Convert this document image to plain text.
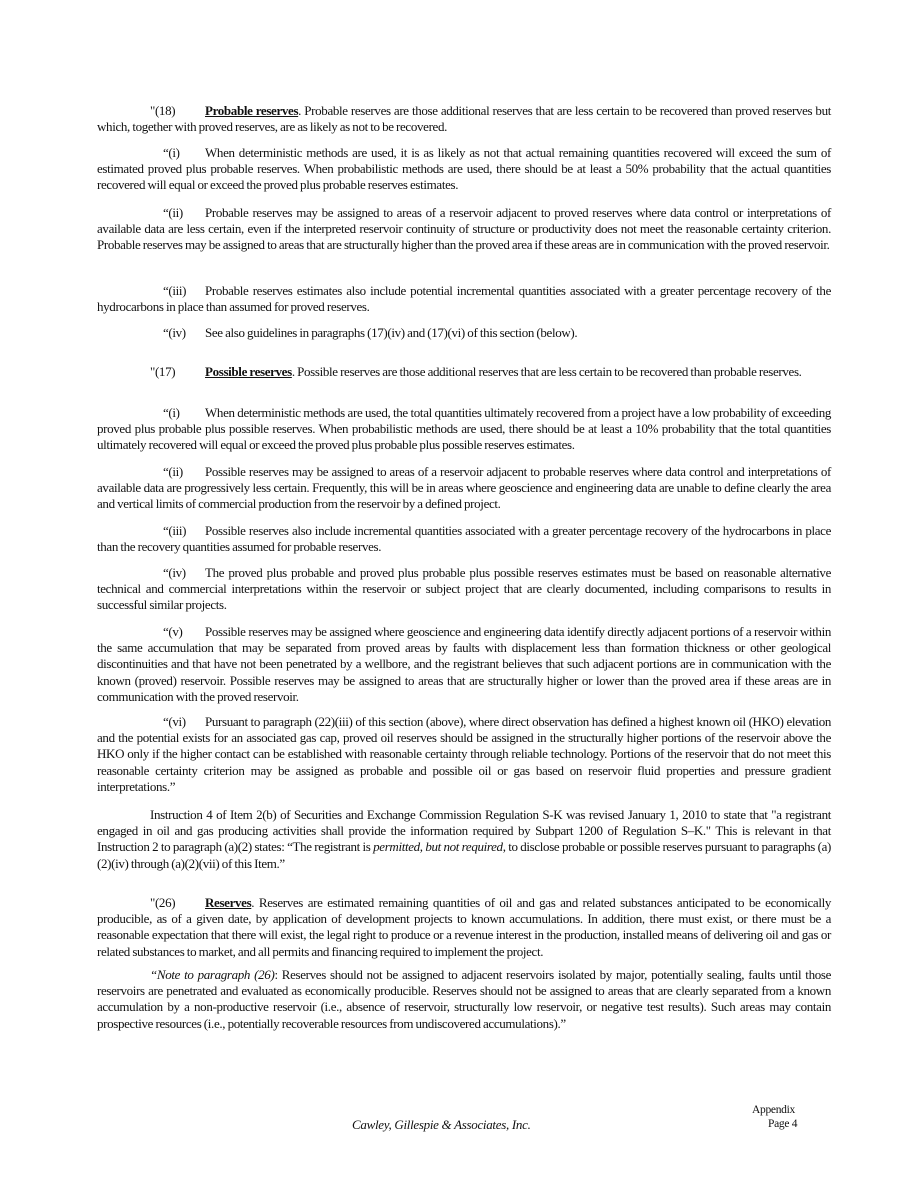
"(18) Probable reserves. Probable reserves are those additional reserves that are less certain to be recovered than proved reserves but which, together with proved reserves, are as likely as not to be recovered.
“(i) When deterministic methods are used, it is as likely as not that actual remaining quantities recovered will exceed the sum of estimated proved plus probable reserves. When probabilistic methods are used, there should be at least a 50% probability that the actual quantities recovered will equal or exceed the proved plus probable reserves estimates.
“(ii) Probable reserves may be assigned to areas of a reservoir adjacent to proved reserves where data control or interpretations of available data are less certain, even if the interpreted reservoir continuity of structure or productivity does not meet the reasonable certainty criterion. Probable reserves may be assigned to areas that are structurally higher than the proved area if these areas are in communication with the proved reservoir.
“(iii) Probable reserves estimates also include potential incremental quantities associated with a greater percentage recovery of the hydrocarbons in place than assumed for proved reserves.
“(iv) See also guidelines in paragraphs (17)(iv) and (17)(vi) of this section (below).
"(17) Possible reserves. Possible reserves are those additional reserves that are less certain to be recovered than probable reserves.
“(i) When deterministic methods are used, the total quantities ultimately recovered from a project have a low probability of exceeding proved plus probable plus possible reserves. When probabilistic methods are used, there should be at least a 10% probability that the total quantities ultimately recovered will equal or exceed the proved plus probable plus possible reserves estimates.
“(ii) Possible reserves may be assigned to areas of a reservoir adjacent to probable reserves where data control and interpretations of available data are progressively less certain. Frequently, this will be in areas where geoscience and engineering data are unable to define clearly the area and vertical limits of commercial production from the reservoir by a defined project.
“(iii) Possible reserves also include incremental quantities associated with a greater percentage recovery of the hydrocarbons in place than the recovery quantities assumed for probable reserves.
“(iv) The proved plus probable and proved plus probable plus possible reserves estimates must be based on reasonable alternative technical and commercial interpretations within the reservoir or subject project that are clearly documented, including comparisons to results in successful similar projects.
“(v) Possible reserves may be assigned where geoscience and engineering data identify directly adjacent portions of a reservoir within the same accumulation that may be separated from proved areas by faults with displacement less than formation thickness or other geological discontinuities and that have not been penetrated by a wellbore, and the registrant believes that such adjacent portions are in communication with the known (proved) reservoir. Possible reserves may be assigned to areas that are structurally higher or lower than the proved area if these areas are in communication with the proved reservoir.
“(vi) Pursuant to paragraph (22)(iii) of this section (above), where direct observation has defined a highest known oil (HKO) elevation and the potential exists for an associated gas cap, proved oil reserves should be assigned in the structurally higher portions of the reservoir above the HKO only if the higher contact can be established with reasonable certainty through reliable technology. Portions of the reservoir that do not meet this reasonable certainty criterion may be assigned as probable and possible oil or gas based on reservoir fluid properties and pressure gradient interpretations.”
Instruction 4 of Item 2(b) of Securities and Exchange Commission Regulation S-K was revised January 1, 2010 to state that "a registrant engaged in oil and gas producing activities shall provide the information required by Subpart 1200 of Regulation S–K." This is relevant in that Instruction 2 to paragraph (a)(2) states: “The registrant is permitted, but not required, to disclose probable or possible reserves pursuant to paragraphs (a)(2)(iv) through (a)(2)(vii) of this Item.”
"(26) Reserves. Reserves are estimated remaining quantities of oil and gas and related substances anticipated to be economically producible, as of a given date, by application of development projects to known accumulations. In addition, there must exist, or there must be a reasonable expectation that there will exist, the legal right to produce or a revenue interest in the production, installed means of delivering oil and gas or related substances to market, and all permits and financing required to implement the project.
“Note to paragraph (26): Reserves should not be assigned to adjacent reservoirs isolated by major, potentially sealing, faults until those reservoirs are penetrated and evaluated as economically producible. Reserves should not be assigned to areas that are clearly separated from a known accumulation by a non-productive reservoir (i.e., absence of reservoir, structurally low reservoir, or negative test results). Such areas may contain prospective resources (i.e., potentially recoverable resources from undiscovered accumulations).”
Cawley, Gillespie & Associates, Inc.
Appendix
Page 4
